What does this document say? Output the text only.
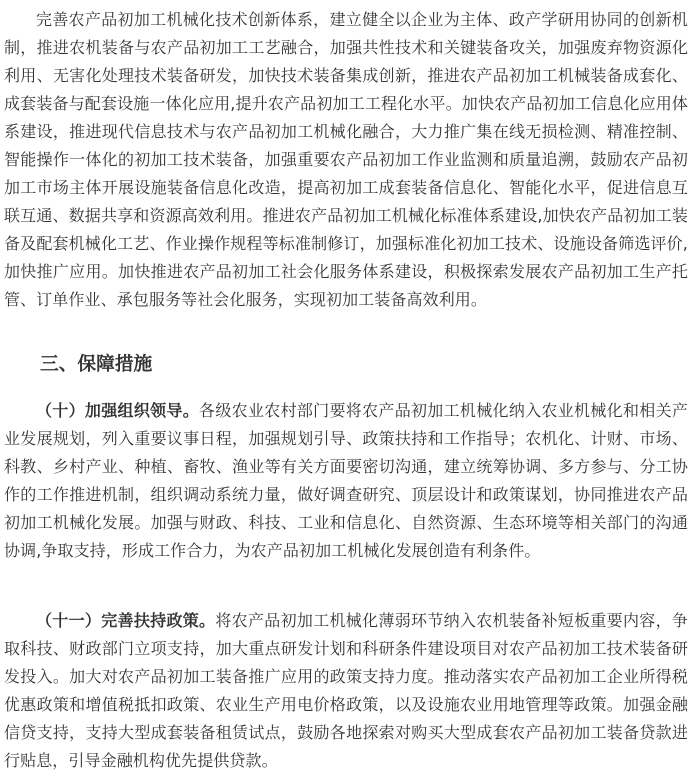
完善农产品初加工机械化技术创新体系，建立健全以企业为主体、政产学研用协同的创新机制，推进农机装备与农产品初加工工艺融合，加强共性技术和关键装备攻关，加强废弃物资源化利用、无害化处理技术装备研发，加快技术装备集成创新，推进农产品初加工机械装备成套化、成套装备与配套设施一体化应用,提升农产品初加工工程化水平。加快农产品初加工信息化应用体系建设，推进现代信息技术与农产品初加工机械化融合，大力推广集在线无损检测、精准控制、智能操作一体化的初加工技术装备，加强重要农产品初加工作业监测和质量追溯，鼓励农产品初加工市场主体开展设施装备信息化改造，提高初加工成套装备信息化、智能化水平，促进信息互联互通、数据共享和资源高效利用。推进农产品初加工机械化标准体系建设,加快农产品初加工装备及配套机械化工艺、作业操作规程等标准制修订，加强标准化初加工技术、设施设备筛选评价,加快推广应用。加快推进农产品初加工社会化服务体系建设，积极探索发展农产品初加工生产托管、订单作业、承包服务等社会化服务，实现初加工装备高效利用。

三、保障措施

（十）加强组织领导。各级农业农村部门要将农产品初加工机械化纳入农业机械化和相关产业发展规划，列入重要议事日程，加强规划引导、政策扶持和工作指导；农机化、计财、市场、科教、乡村产业、种植、畜牧、渔业等有关方面要密切沟通，建立统筹协调、多方参与、分工协作的工作推进机制，组织调动系统力量，做好调查研究、顶层设计和政策谋划，协同推进农产品初加工机械化发展。加强与财政、科技、工业和信息化、自然资源、生态环境等相关部门的沟通协调,争取支持，形成工作合力，为农产品初加工机械化发展创造有利条件。

（十一）完善扶持政策。将农产品初加工机械化薄弱环节纳入农机装备补短板重要内容，争取科技、财政部门立项支持，加大重点研发计划和科研条件建设项目对农产品初加工技术装备研发投入。加大对农产品初加工装备推广应用的政策支持力度。推动落实农产品初加工企业所得税优惠政策和增值税抵扣政策、农业生产用电价格政策，以及设施农业用地管理等政策。加强金融信贷支持，支持大型成套装备租赁试点，鼓励各地探索对购买大型成套农产品初加工装备贷款进行贴息，引导金融机构优先提供贷款。
